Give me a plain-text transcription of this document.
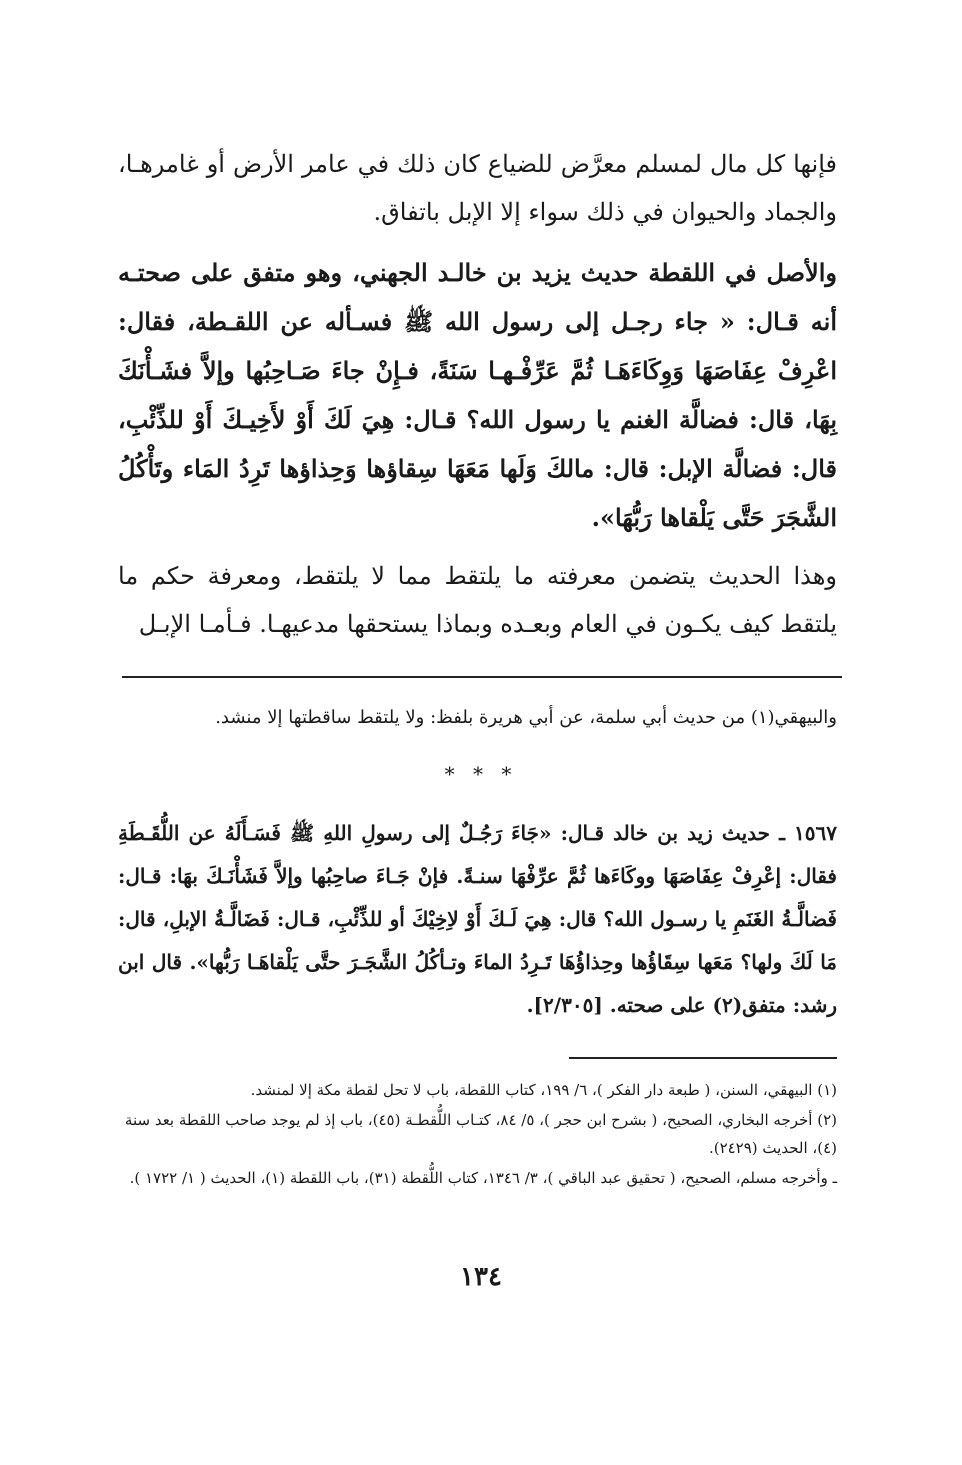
فإنها كل مال لمسلم معرَّض للضياع كان ذلك في عامر الأرض أو غامرهـا، والجماد والحيوان في ذلك سواء إلا الإبل باتفاق.

والأصل في اللقطة حديث يزيد بن خالـد الجهني، وهو متفق على صحتـه أنه قـال: « جاء رجـل إلى رسول الله ﷺ فسـأله عن اللقـطة، فقال: اعْرِفْ عِفَاصَهَا وَوِكَاءَهَـا ثُمَّ عَرِّفْـهـا سَنَةً، فـإِنْ جاءَ صَـاحِبُها وإلاَّ فشَـأْنَكَ بِهَا، قال: فضالَّة الغنم يا رسول الله؟ قـال: هِيَ لَكَ أَوْ لأَخِيـكَ أَوْ للذِّئْبِ، قال: فضالَّة الإبل: قال: مالكَ وَلَها مَعَهَا سِقاؤها وَحِذاؤها تَرِدُ المَاء وتَأْكُلُ الشَّجَرَ حَتَّى يَلْقاها رَبُّهَا».

وهذا الحديث يتضمن معرفته ما يلتقط مما لا يلتقط، ومعرفة حكم ما يلتقط كيف يكـون في العام وبعـده وبماذا يستحقها مدعيهـا. فـأمـا الإبـل

والبيهقي(١) من حديث أبي سلمة، عن أبي هريرة بلفظ: ولا يلتقط ساقطتها إلا منشد.

* * *

١٥٦٧ ـ حديث زيد بن خالد قـال: «جَاءَ رَجُـلٌ إلى رسولِ اللهِ ﷺ فَسَـأَلَهُ عن اللُّقَـطَةِ فقال: إعْرِفْ عِفَاصَهَا ووكَاءَها ثُمَّ عرِّفْهَا سنـةً. فإنْ جَـاءَ صاحِبُها وإلاَّ فَشَأْنَـكَ بهَا: قـال: فَضالَّـةُ الغَنَمِ يا رسـول الله؟ قال: هِيَ لَـكَ أَوْ لاِخِيْكَ أو للذِّئْبِ، قـال: فَضَالَّـةُ الإبلِ، قال: مَا لَكَ ولها؟ مَعَها سِقَاؤُها وحِذاؤُهَا تَـرِدُ الماءَ وتـأكُلُ الشَّجَـرَ حتَّى يَلْقاهَـا رَبُّها». قال ابن رشد: متفق(٢) على صحته. [٢/٣٠٥].

(١) البيهقي، السنن، ( طبعة دار الفكر )، ٦/ ١٩٩، كتاب اللقطة، باب لا تحل لقطة مكة إلا لمنشد.
(٢) أخرجه البخاري، الصحيح، ( بشرح ابن حجر )، ٥/ ٨٤، كتـاب اللُّقطـة (٤٥)، باب إذ لم يوجد صاحب اللقطة بعد سنة (٤)، الحديث (٢٤٢٩).
ـ وأخرجه مسلم، الصحيح، ( تحقيق عبد الباقي )، ٣/ ١٣٤٦، كتاب اللُّقطة (٣١)، باب اللقطة (١)، الحديث ( ١/ ١٧٢٢ ).
١٣٤
